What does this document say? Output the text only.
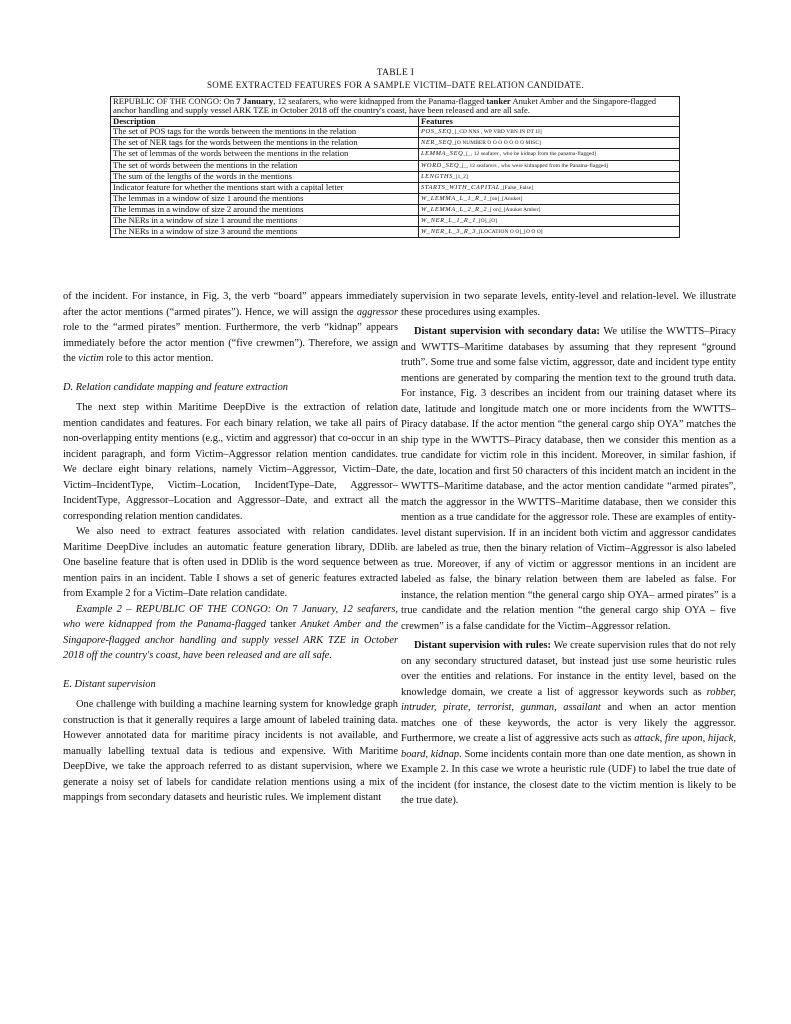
TABLE I
SOME EXTRACTED FEATURES FOR A SAMPLE VICTIM–DATE RELATION CANDIDATE.
REPUBLIC OF THE CONGO: On 7 January, 12 seafarers, who were kidnapped from the Panama-flagged tanker Anuket Amber and the Singapore-flagged anchor handling and supply vessel ARK TZE in October 2018 off the country's coast, have been released and are all safe.	
Description	Features
The set of POS tags for the words between the mentions in the relation	POS_SEQ_[_CD NNS , WP VBD VBN IN DT JJ]
The set of NER tags for the words between the mentions in the relation	NER_SEQ_[O NUMBER O O O O O O O MISC]
The set of lemmas of the words between the mentions in the relation	LEMMA_SEQ_[_, 12 seafarer , who be kidnap from the panama-flagged]
The set of words between the mentions in the relation	WORD_SEQ_[_, 12 seafarers , who were kidnapped from the Panama-flagged]
The sum of the lengths of the words in the mentions	LENGTHS_[1_2]
Indicator feature for whether the mentions start with a capital letter	STARTS_WITH_CAPITAL_[False_False]
The lemmas in a window of size 1 around the mentions	W_LEMMA_L_1_R_1_[on]_[Anuket]
The lemmas in a window of size 2 around the mentions	W_LEMMA_L_2_R_2_[ on]_[Anuket Amber]
The NERs in a window of size 1 around the mentions	W_NER_L_1_R_1_[O]_[O]
The NERs in a window of size 3 around the mentions	W_NER_L_3_R_3_[LOCATION O O]_[O O O]

of the incident. For instance, in Fig. 3, the verb “board” appears immediately after the actor mentions (“armed pirates”). Hence, we will assign the aggressor role to the “armed pirates” mention. Furthermore, the verb “kidnap” appears immediately before the actor mention (“five crewmen”). Therefore, we assign the victim role to this actor mention.

D. Relation candidate mapping and feature extraction

The next step within Maritime DeepDive is the extraction of relation mention candidates and features. For each binary relation, we take all pairs of non-overlapping entity mentions (e.g., victim and aggressor) that co-occur in an incident paragraph, and form Victim–Aggressor relation mention candidates. We declare eight binary relations, namely Victim–Aggressor, Victim–Date, Victim–IncidentType, Victim–Location, IncidentType–Date, Aggressor–IncidentType, Aggressor–Location and Aggressor–Date, and extract all the corresponding relation mention candidates.

We also need to extract features associated with relation candidates. Maritime DeepDive includes an automatic feature generation library, DDlib. One baseline feature that is often used in DDlib is the word sequence between mention pairs in an incident. Table I shows a set of generic features extracted from Example 2 for a Victim–Date relation candidate.

Example 2 – REPUBLIC OF THE CONGO: On 7 January, 12 seafarers, who were kidnapped from the Panama-flagged tanker Anuket Amber and the Singapore-flagged anchor handling and supply vessel ARK TZE in October 2018 off the country's coast, have been released and are all safe.

E. Distant supervision

One challenge with building a machine learning system for knowledge graph construction is that it generally requires a large amount of labeled training data. However annotated data for maritime piracy incidents is not available, and manually labelling textual data is tedious and expensive. With Maritime DeepDive, we take the approach referred to as distant supervision, where we generate a noisy set of labels for candidate relation mentions using a mix of mappings from secondary datasets and heuristic rules. We implement distant

supervision in two separate levels, entity-level and relation-level. We illustrate these procedures using examples.

Distant supervision with secondary data: We utilise the WWTTS–Piracy and WWTTS–Maritime databases by assuming that they represent “ground truth”. Some true and some false victim, aggressor, date and incident type entity mentions are generated by comparing the mention text to the ground truth data. For instance, Fig. 3 describes an incident from our training dataset where its date, latitude and longitude match one or more incidents from the WWTTS–Piracy database. If the actor mention “the general cargo ship OYA” matches the ship type in the WWTTS–Piracy database, then we consider this mention as a true candidate for victim role in this incident. Moreover, in similar fashion, if the date, location and first 50 characters of this incident match an incident in the WWTTS–Maritime database, and the actor mention candidate “armed pirates”, match the aggressor in the WWTTS–Maritime database, then we consider this mention as a true candidate for the aggressor role. These are examples of entity-level distant supervision. If in an incident both victim and aggressor candidates are labeled as true, then the binary relation of Victim–Aggressor is also labeled as true. Moreover, if any of victim or aggressor mentions in an incident are labeled as false, the binary relation between them are labeled as false. For instance, the relation mention “the general cargo ship OYA– armed pirates” is a true candidate and the relation mention “the general cargo ship OYA – five crewmen” is a false candidate for the Victim–Aggressor relation.

Distant supervision with rules: We create supervision rules that do not rely on any secondary structured dataset, but instead just use some heuristic rules over the entities and relations. For instance in the entity level, based on the knowledge domain, we create a list of aggressor keywords such as robber, intruder, pirate, terrorist, gunman, assailant and when an actor mention matches one of these keywords, the actor is very likely the aggressor. Furthermore, we create a list of aggressive acts such as attack, fire upon, hijack, board, kidnap. Some incidents contain more than one date mention, as shown in Example 2. In this case we wrote a heuristic rule (UDF) to label the true date of the incident (for instance, the closest date to the victim mention is likely to be the true date).
